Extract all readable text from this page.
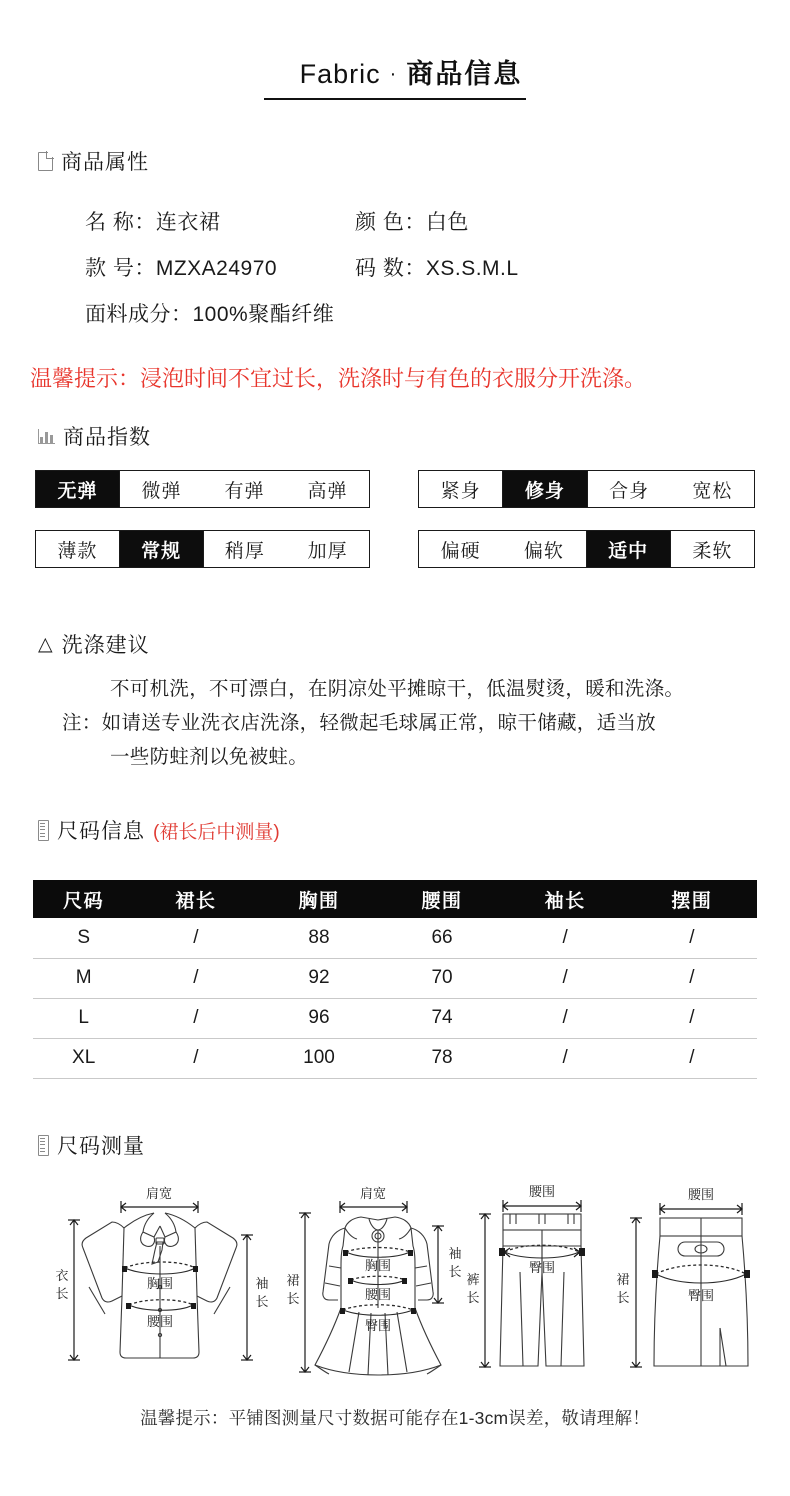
Fabric · 商品信息
商品属性
名 称：连衣裙	颜 色：白色
款 号：MZXA24970	码 数：XS.S.M.L
面料成分：100%聚酯纤维
温馨提示：浸泡时间不宜过长，洗涤时与有色的衣服分开洗涤。
商品指数
无弹	微弹	有弹	高弹	紧身	修身	合身	宽松
薄款	常规	稍厚	加厚	偏硬	偏软	适中	柔软
△ 洗涤建议
不可机洗，不可漂白，在阴凉处平摊晾干，低温熨烫，暖和洗涤。
注：如请送专业洗衣店洗涤，轻微起毛球属正常，晾干储藏，适当放
一些防蛀剂以免被蛀。
尺码信息 (裙长后中测量)
尺码	裙长	胸围	腰围	袖长	摆围
S	/	88	66	/	/
M	/	92	70	/	/
L	/	96	74	/	/
XL	/	100	78	/	/
尺码测量
肩宽
衣
长
袖
长
胸围
腰围
肩宽
裙
长
袖
长
胸围
腰围
臀围
腰围
裤
长
臀围
腰围
裙
长	臀围
温馨提示：平铺图测量尺寸数据可能存在1-3cm误差，敬请理解！
